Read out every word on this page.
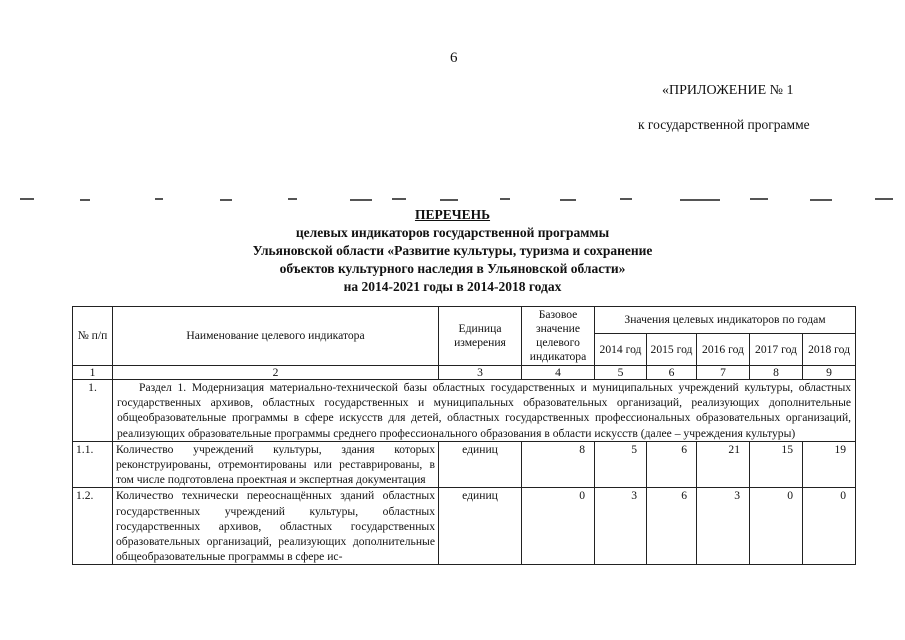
6
«ПРИЛОЖЕНИЕ № 1
к государственной программе
ПЕРЕЧЕНЬ
целевых индикаторов государственной программы
Ульяновской области «Развитие культуры, туризма и сохранение
объектов культурного наследия в Ульяновской области»
на 2014-2021 годы в 2014-2018 годах
№ п/п	Наименование целевого индикатора	Единица измерения	Базовое значение целевого индикатора	Значения целевых индикаторов по годам				
				2014 год	2015 год	2016 год	2017 год	2018 год
1	2	3	4	5	6	7	8	9
1.	Раздел 1. Модернизация материально-технической базы областных государственных и муниципальных учреждений культуры, областных государственных архивов, областных государственных и муниципальных образовательных организаций, реализующих дополнительные общеобразовательные программы в сфере искусств для детей, областных государственных профессиональных образовательных организаций, реализующих образовательные программы среднего профессионального образования в области искусств (далее – учреждения культуры)							
1.1.	Количество учреждений культуры, здания которых реконструированы, отремонтированы или реставрированы, в том числе подготовлена проектная и экспертная документация	единиц	8	5	6	21	15	19
1.2.	Количество технически переоснащённых зданий областных государственных учреждений культуры, областных государственных архивов, областных государственных образовательных организаций, реализующих дополнительные общеобразовательные программы в сфере ис-	единиц	0	3	6	3	0	0
